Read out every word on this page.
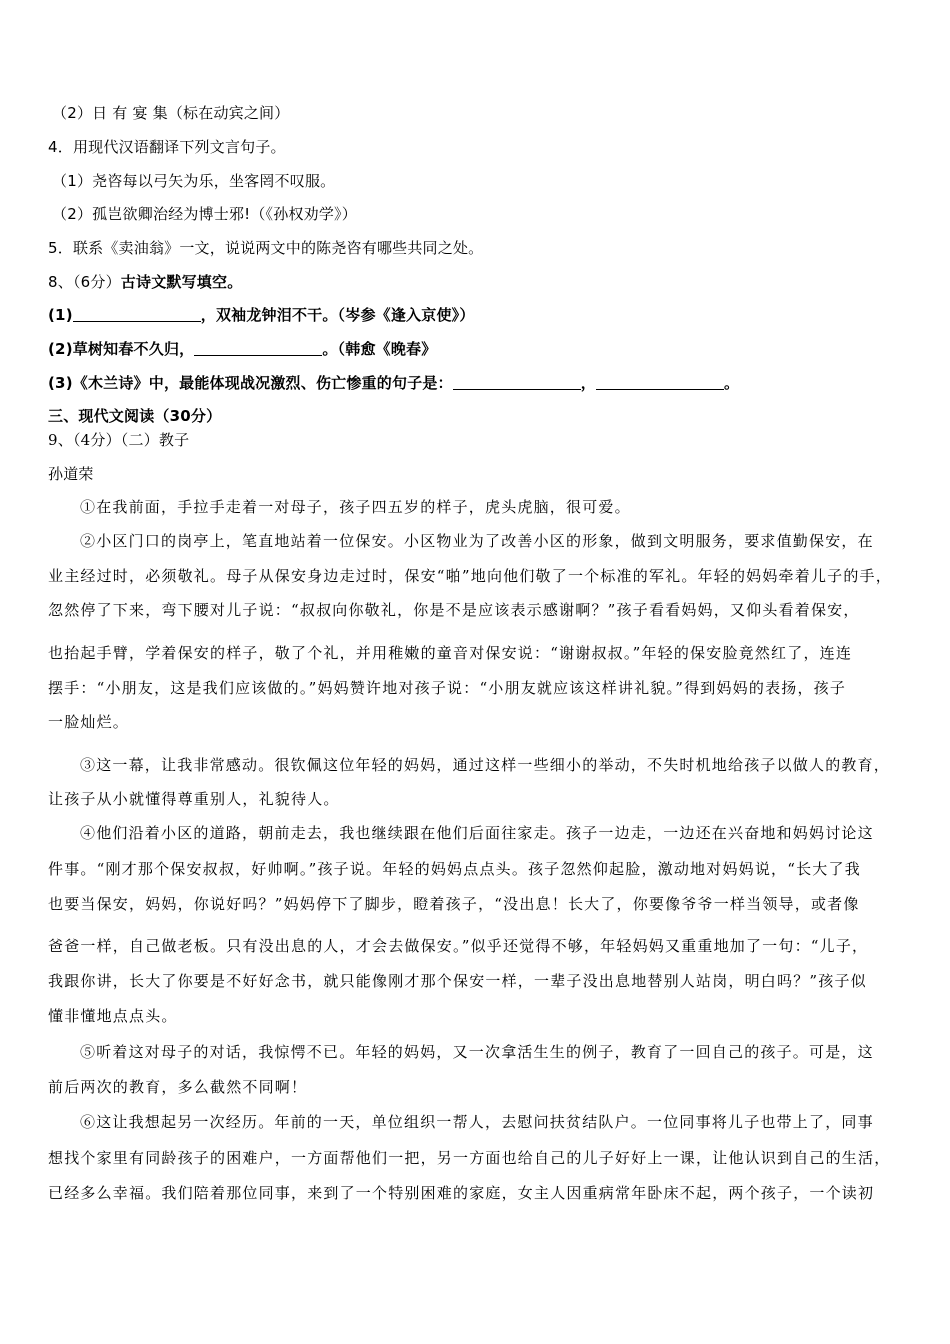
（2）日 有 宴 集（标在动宾之间）
4．用现代汉语翻译下列文言句子。
（1）尧咨每以弓矢为乐，坐客罔不叹服。
（2）孤岂欲卿治经为博士邪!（《孙权劝学》）
5．联系《卖油翁》一文，说说两文中的陈尧咨有哪些共同之处。
8、（6分）古诗文默写填空。
(1)	，双袖龙钟泪不干。（岑参《逢入京使》）
(2)草树知春不久归，	。（韩愈《晚春》
(3)《木兰诗》中，最能体现战况激烈、伤亡惨重的句子是：	，	。
三、现代文阅读（30分）
9、（4分）（二）教子
孙道荣
①在我前面，手拉手走着一对母子，孩子四五岁的样子，虎头虎脑，很可爱。
②小区门口的岗亭上，笔直地站着一位保安。小区物业为了改善小区的形象，做到文明服务，要求值勤保安，在
业主经过时，必须敬礼。母子从保安身边走过时，保安“啪”地向他们敬了一个标准的军礼。年轻的妈妈牵着儿子的手，
忽然停了下来，弯下腰对儿子说：“叔叔向你敬礼，你是不是应该表示感谢啊？”孩子看看妈妈，又仰头看着保安，
也抬起手臂，学着保安的样子，敬了个礼，并用稚嫩的童音对保安说：“谢谢叔叔。”年轻的保安脸竟然红了，连连
摆手：“小朋友，这是我们应该做的。”妈妈赞许地对孩子说：“小朋友就应该这样讲礼貌。”得到妈妈的表扬，孩子
一脸灿烂。
③这一幕，让我非常感动。很钦佩这位年轻的妈妈，通过这样一些细小的举动，不失时机地给孩子以做人的教育，
让孩子从小就懂得尊重别人，礼貌待人。
④他们沿着小区的道路，朝前走去，我也继续跟在他们后面往家走。孩子一边走，一边还在兴奋地和妈妈讨论这
件事。“刚才那个保安叔叔，好帅啊。”孩子说。年轻的妈妈点点头。孩子忽然仰起脸，激动地对妈妈说，“长大了我
也要当保安，妈妈，你说好吗？”妈妈停下了脚步，瞪着孩子，“没出息！长大了，你要像爷爷一样当领导，或者像
爸爸一样，自己做老板。只有没出息的人，才会去做保安。”似乎还觉得不够，年轻妈妈又重重地加了一句：“儿子，
我跟你讲，长大了你要是不好好念书，就只能像刚才那个保安一样，一辈子没出息地替别人站岗，明白吗？”孩子似
懂非懂地点点头。
⑤听着这对母子的对话，我惊愕不已。年轻的妈妈，又一次拿活生生的例子，教育了一回自己的孩子。可是，这
前后两次的教育，多么截然不同啊！
⑥这让我想起另一次经历。年前的一天，单位组织一帮人，去慰问扶贫结队户。一位同事将儿子也带上了，同事
想找个家里有同龄孩子的困难户，一方面帮他们一把，另一方面也给自己的儿子好好上一课，让他认识到自己的生活，
已经多么幸福。我们陪着那位同事，来到了一个特别困难的家庭，女主人因重病常年卧床不起，两个孩子，一个读初
